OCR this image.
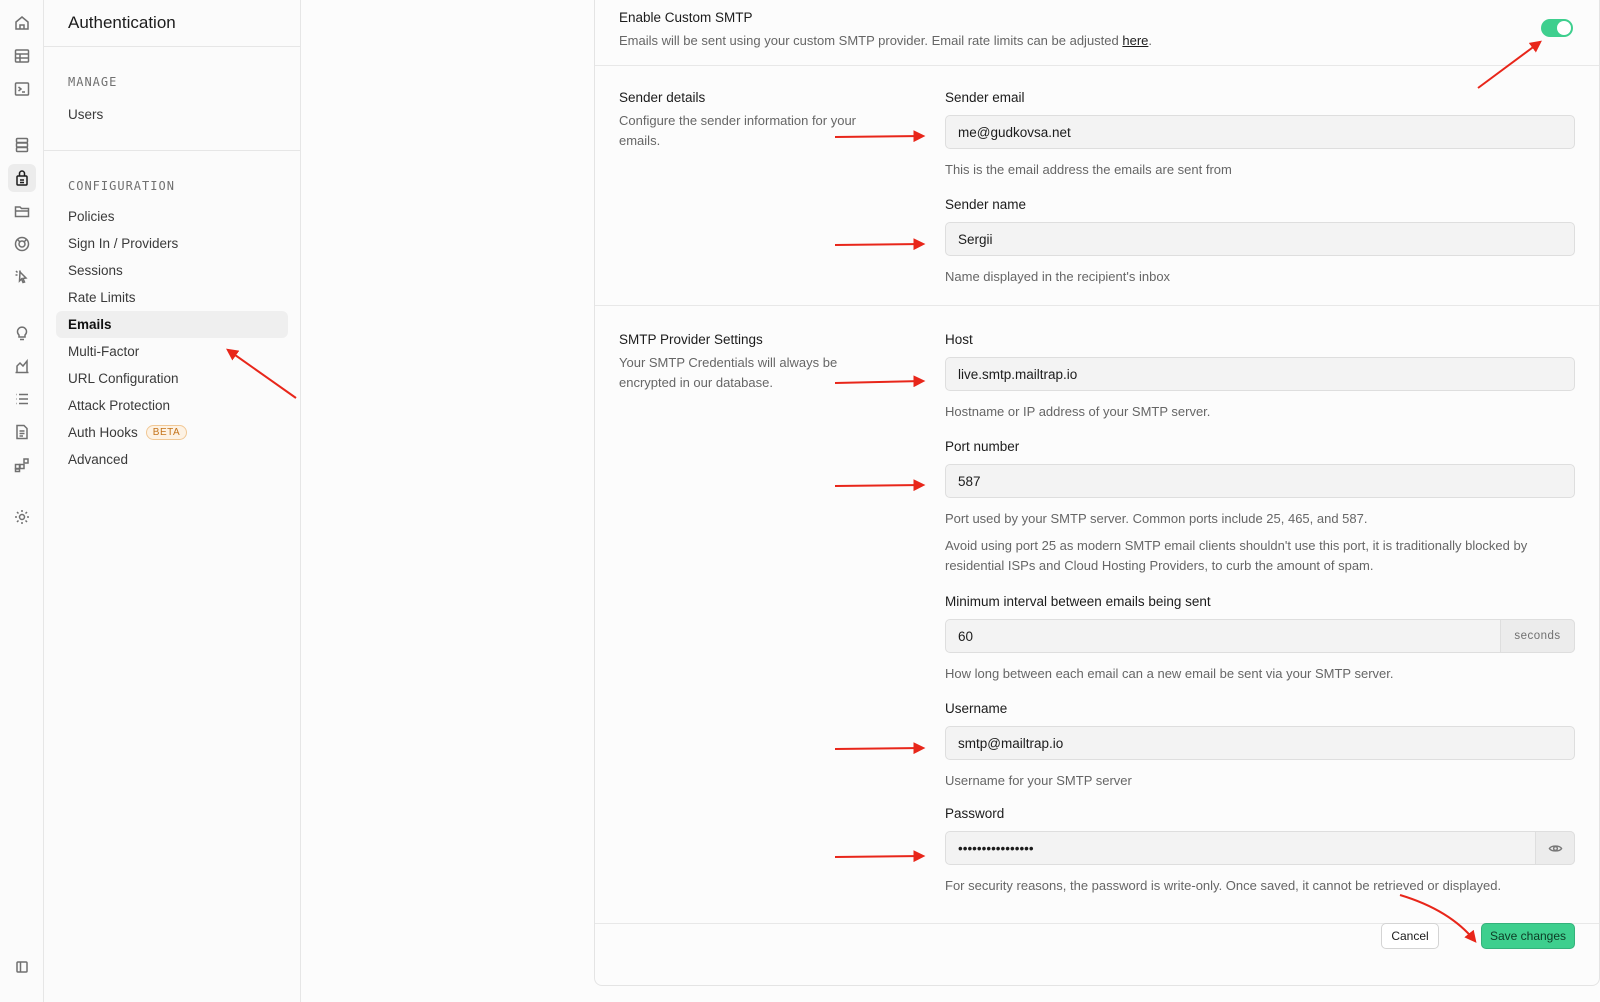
Authentication
MANAGE
Users
CONFIGURATION
Policies
Sign In / Providers
Sessions
Rate Limits
Emails
Multi-Factor
URL Configuration
Attack Protection
Auth Hooks	BETA
Advanced
Enable Custom SMTP
Emails will be sent using your custom SMTP provider. Email rate limits can be adjusted here.
Sender details
Configure the sender information for your emails.
Sender email
me@gudkovsa.net
This is the email address the emails are sent from
Sender name
Sergii
Name displayed in the recipient's inbox
SMTP Provider Settings
Your SMTP Credentials will always be encrypted in our database.
Host
live.smtp.mailtrap.io
Hostname or IP address of your SMTP server.
Port number
587
Port used by your SMTP server. Common ports include 25, 465, and 587.
Avoid using port 25 as modern SMTP email clients shouldn't use this port, it is traditionally blocked by residential ISPs and Cloud Hosting Providers, to curb the amount of spam.
Minimum interval between emails being sent
60	seconds
How long between each email can a new email be sent via your SMTP server.
Username
smtp@mailtrap.io
Username for your SMTP server
Password
••••••••••••••••
For security reasons, the password is write-only. Once saved, it cannot be retrieved or displayed.
Cancel	Save changes
